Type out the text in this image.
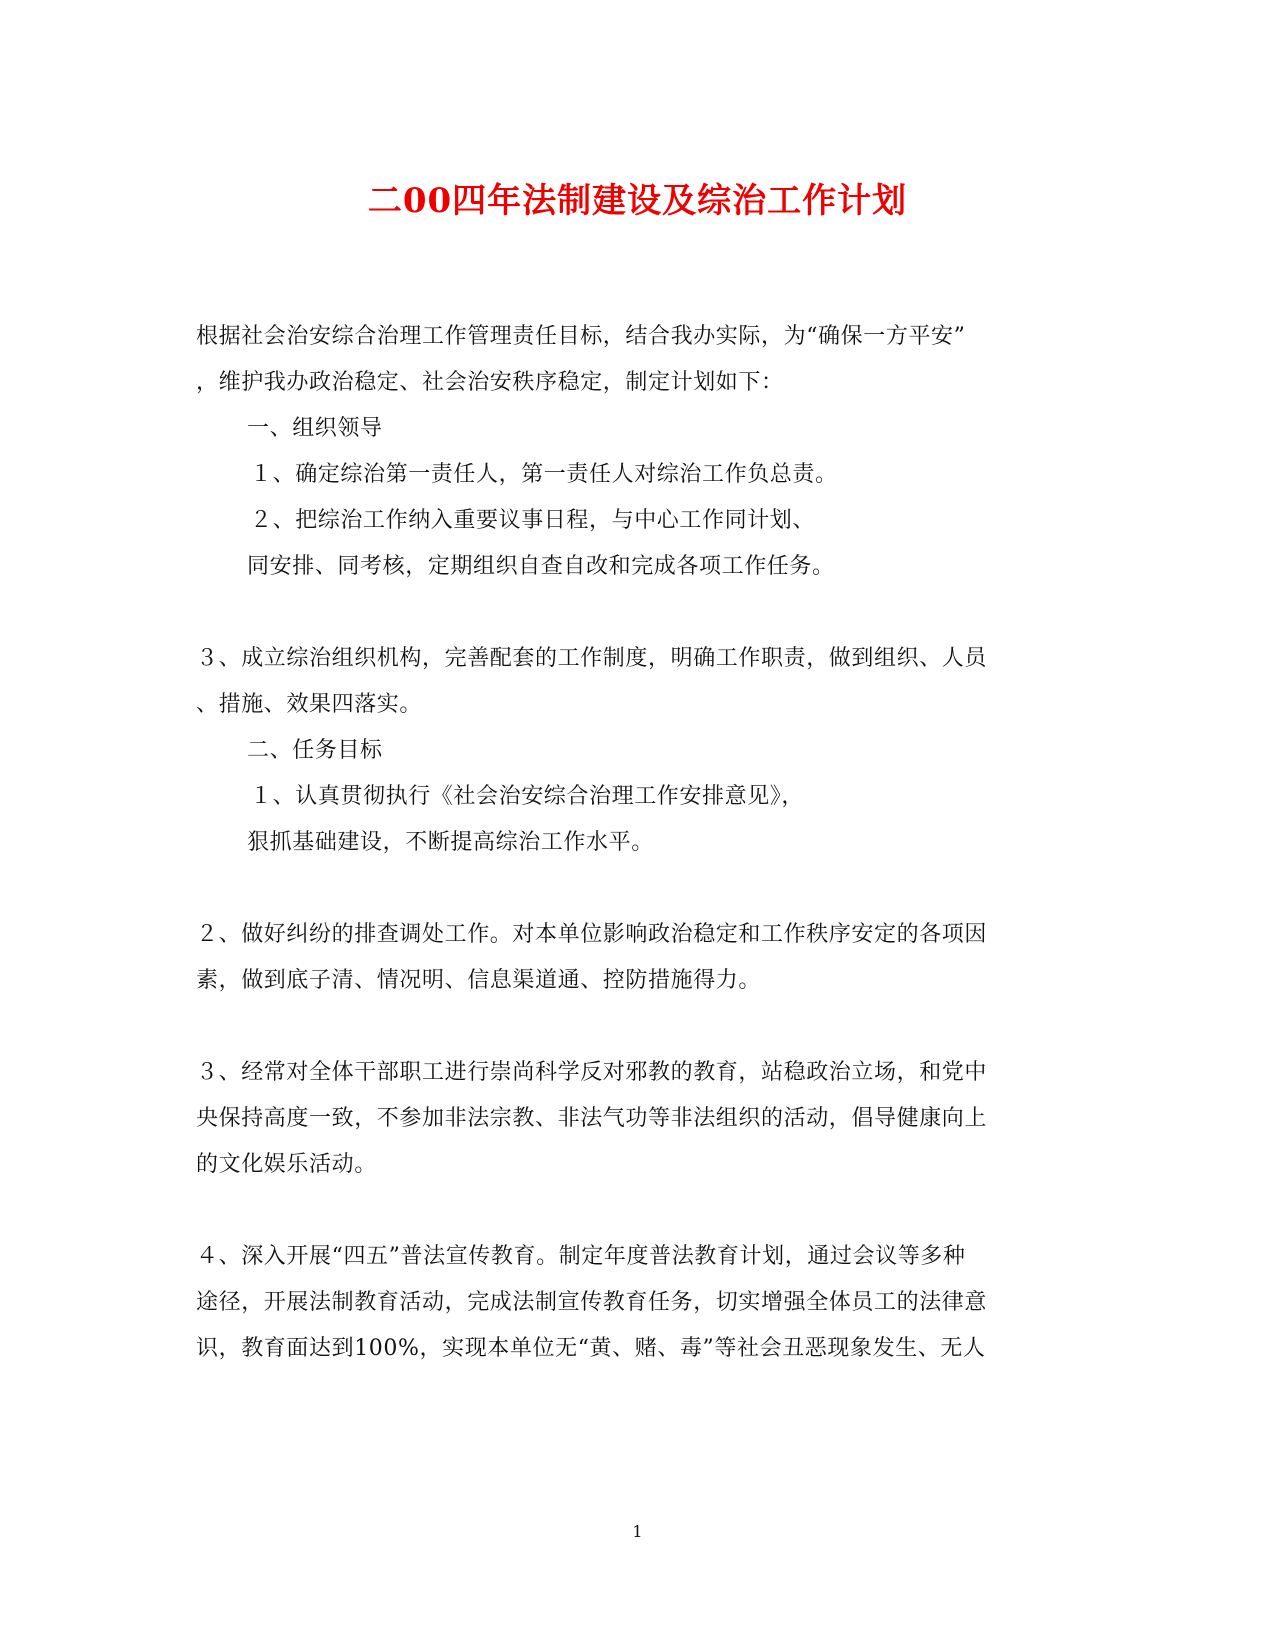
二00四年法制建设及综治工作计划
根据社会治安综合治理工作管理责任目标，结合我办实际，为“确保一方平安”
，维护我办政治稳定、社会治安秩序稳定，制定计划如下：
一、组织领导
１、确定综治第一责任人，第一责任人对综治工作负总责。
２、把综治工作纳入重要议事日程，与中心工作同计划、
同安排、同考核，定期组织自查自改和完成各项工作任务。
３、成立综治组织机构，完善配套的工作制度，明确工作职责，做到组织、人员
、措施、效果四落实。
二、任务目标
１、认真贯彻执行《社会治安综合治理工作安排意见》，
狠抓基础建设，不断提高综治工作水平。
２、做好纠纷的排查调处工作。对本单位影响政治稳定和工作秩序安定的各项因
素，做到底子清、情况明、信息渠道通、控防措施得力。
３、经常对全体干部职工进行崇尚科学反对邪教的教育，站稳政治立场，和党中
央保持高度一致，不参加非法宗教、非法气功等非法组织的活动，倡导健康向上
的文化娱乐活动。
４、深入开展“四五”普法宣传教育。制定年度普法教育计划，通过会议等多种
途径，开展法制教育活动，完成法制宣传教育任务，切实增强全体员工的法律意
识，教育面达到100%，实现本单位无“黄、赌、毒”等社会丑恶现象发生、无人
1
